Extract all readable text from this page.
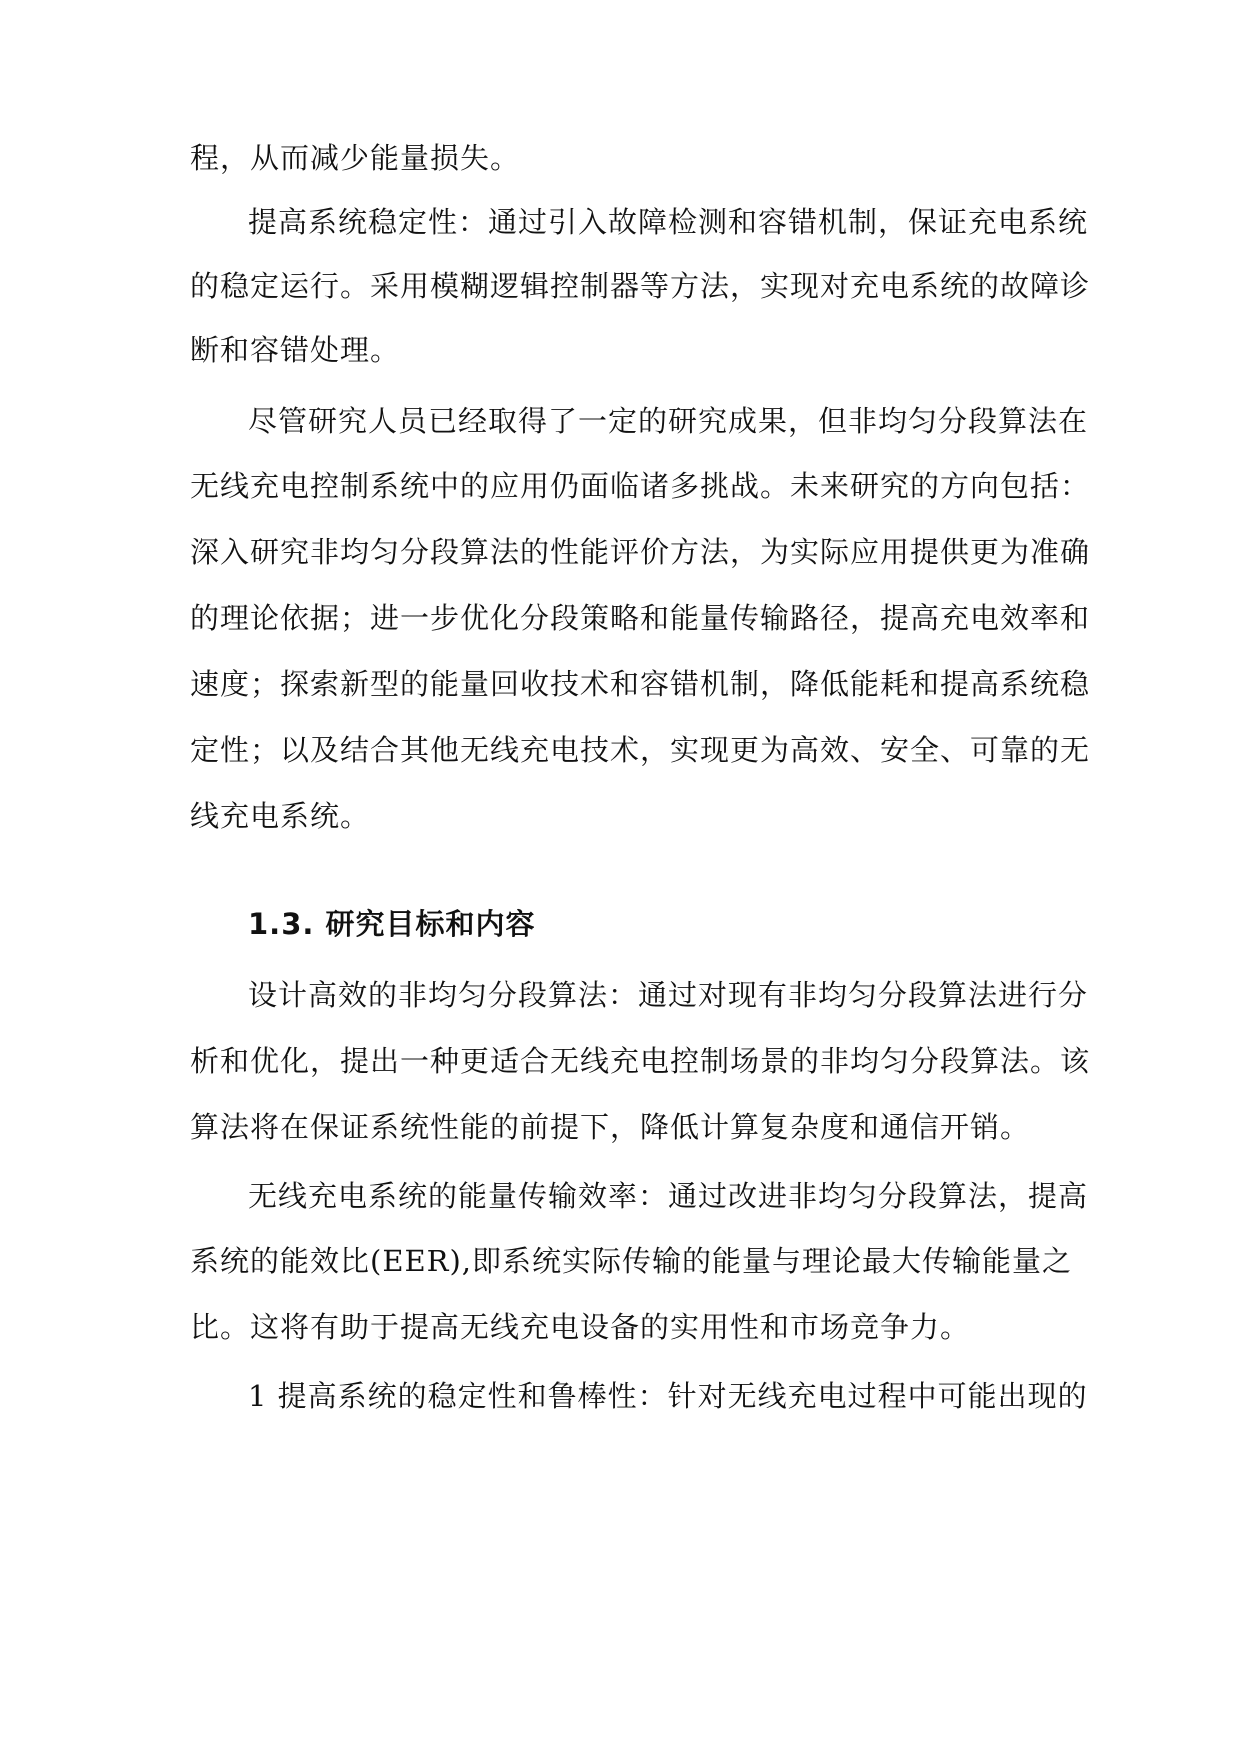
程，从而减少能量损失。
提高系统稳定性：通过引入故障检测和容错机制，保证充电系统
的稳定运行。采用模糊逻辑控制器等方法，实现对充电系统的故障诊
断和容错处理。
尽管研究人员已经取得了一定的研究成果，但非均匀分段算法在
无线充电控制系统中的应用仍面临诸多挑战。未来研究的方向包括：
深入研究非均匀分段算法的性能评价方法，为实际应用提供更为准确
的理论依据；进一步优化分段策略和能量传输路径，提高充电效率和
速度；探索新型的能量回收技术和容错机制，降低能耗和提高系统稳
定性；以及结合其他无线充电技术，实现更为高效、安全、可靠的无
线充电系统。
1.3. 研究目标和内容
设计高效的非均匀分段算法：通过对现有非均匀分段算法进行分
析和优化，提出一种更适合无线充电控制场景的非均匀分段算法。该
算法将在保证系统性能的前提下，降低计算复杂度和通信开销。
无线充电系统的能量传输效率：通过改进非均匀分段算法，提高
系统的能效比(EER),即系统实际传输的能量与理论最大传输能量之
比。这将有助于提高无线充电设备的实用性和市场竞争力。
1 提高系统的稳定性和鲁棒性：针对无线充电过程中可能出现的
